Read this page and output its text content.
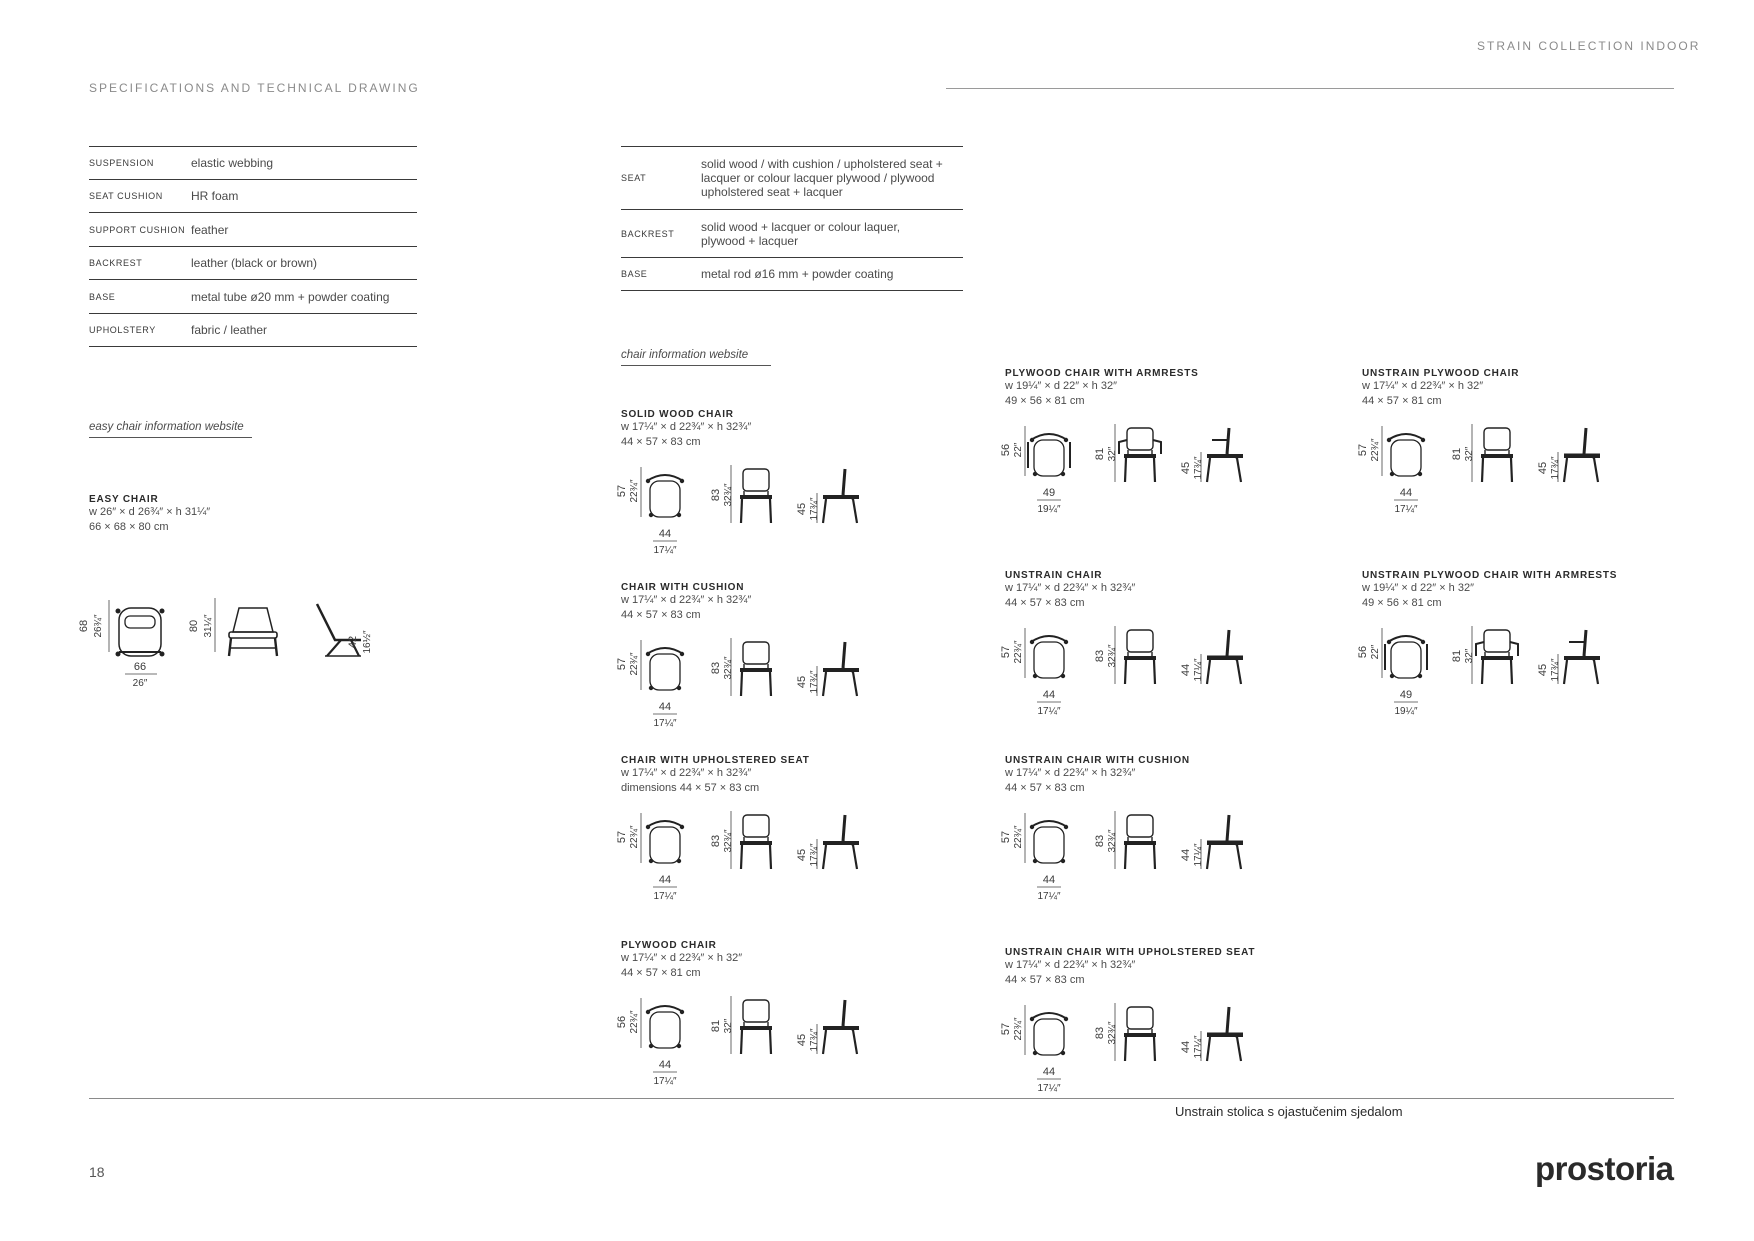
STRAIN COLLECTION INDOOR
SPECIFICATIONS AND TECHNICAL DRAWING
SUSPENSION	elastic webbing
SEAT CUSHION	HR foam
SUPPORT CUSHION	feather
BACKREST	leather (black or brown)
BASE	metal tube ø20 mm + powder coating
UPHOLSTERY	fabric / leather
SEAT	solid wood / with cushion / upholstered seat + lacquer or colour lacquer plywood / plywood upholstered seat + lacquer
BACKREST	solid wood + lacquer or colour laquer, plywood + lacquer
BASE	metal rod ø16 mm + powder coating
easy chair information website
chair information website
EASY CHAIR
w 26″ × d 26¾″ × h 31¼″
66 × 68 × 80 cm
68 26¾″
66
26″
80 31¼″
42 16½″
SOLID WOOD CHAIR
w 17¼″ × d 22¾″ × h 32¾″
44 × 57 × 83 cm
57 22¾″
44
17¼″
83 32¾″
45 17¾″
CHAIR WITH CUSHION
w 17¼″ × d 22¾″ × h 32¾″
44 × 57 × 83 cm
57 22¾″
44
17¼″
83 32¾″
45 17¾″
CHAIR WITH UPHOLSTERED SEAT
w 17¼″ × d 22¾″ × h 32¾″
dimensions 44 × 57 × 83 cm
57 22¾″
44
17¼″
83 32¾″
45 17¾″
PLYWOOD CHAIR
w 17¼″ × d 22¾″ × h 32″
44 × 57 × 81 cm
56 22¾″
44
17¼″
81 32″
45 17¾″
PLYWOOD CHAIR WITH ARMRESTS
w 19¼″ × d 22″ × h 32″
49 × 56 × 81 cm
56 22″
49
19¼″
81 32″
45 17¾″
UNSTRAIN CHAIR
w 17¼″ × d 22¾″ × h 32¾″
44 × 57 × 83 cm
57 22¾″
44
17¼″
83 32¾″
44 17¼″
UNSTRAIN CHAIR WITH CUSHION
w 17¼″ × d 22¾″ × h 32¾″
44 × 57 × 83 cm
57 22¾″
44
17¼″
83 32¾″
44 17¼″
UNSTRAIN CHAIR WITH UPHOLSTERED SEAT
w 17¼″ × d 22¾″ × h 32¾″
44 × 57 × 83 cm
57 22¾″
44
17¼″
83 32¾″
44 17¼″
UNSTRAIN PLYWOOD CHAIR
w 17¼″ × d 22¾″ × h 32″
44 × 57 × 81 cm
57 22¾″
44
17¼″
81 32″
45 17¾″
UNSTRAIN PLYWOOD CHAIR WITH ARMRESTS
w 19¼″ × d 22″ × h 32″
49 × 56 × 81 cm
56 22″
49
19¼″
81 32″
45 17¾″
Unstrain stolica s ojastučenim sjedalom
18	prostoria
